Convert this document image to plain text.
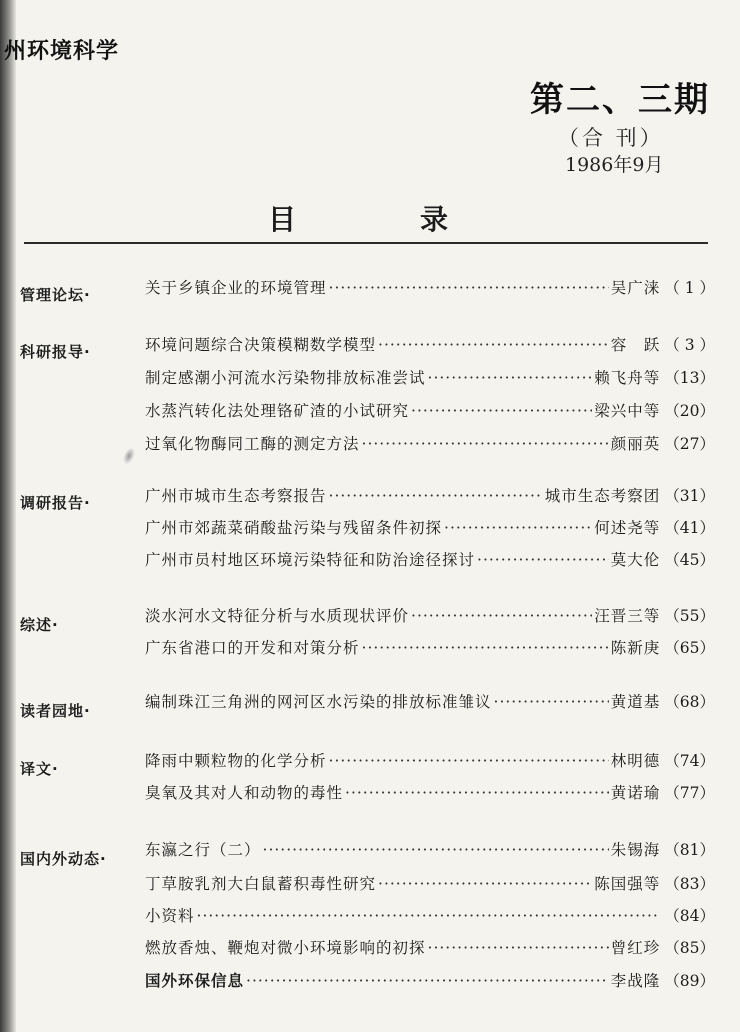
州环境科学
第二、三期
（合 刊）
1986年9月
目	录
管理论坛·	关于乡镇企业的环境管理 ·····	吴广涞 （ 1 ）
科研报导·	环境问题综合决策模糊数学模型 ·····	容　跃 （ 3 ）
制定感潮小河流水污染物排放标准尝试 ·····	赖飞舟等 （13）
水蒸汽转化法处理铬矿渣的小试研究 ·····	梁兴中等 （20）
过氧化物酶同工酶的测定方法 ·····	颜丽英 （27）
调研报告·	广州市城市生态考察报告 ·····	城市生态考察团 （31）
广州市郊蔬菜硝酸盐污染与残留条件初探 ·····	何述尧等 （41）
广州市员村地区环境污染特征和防治途径探讨 ·····	莫大伦 （45）
综述·	淡水河水文特征分析与水质现状评价 ·····	汪晋三等 （55）
广东省港口的开发和对策分析 ·····	陈新庚 （65）
读者园地·	编制珠江三角洲的网河区水污染的排放标准雏议 ·····	黄道基 （68）
译文·	降雨中颗粒物的化学分析 ·····	林明德 （74）
臭氧及其对人和动物的毒性 ·····	黄诺瑜 （77）
国内外动态· 东瀛之行（二） ·····	朱锡海 （81）
丁草胺乳剂大白鼠蓄积毒性研究 ·····	陈国强等 （83）
小资料 ·····	（84）
燃放香烛、鞭炮对微小环境影响的初探 ·····	曾红珍 （85）
国外环保信息 ·····	李战隆 （89）
